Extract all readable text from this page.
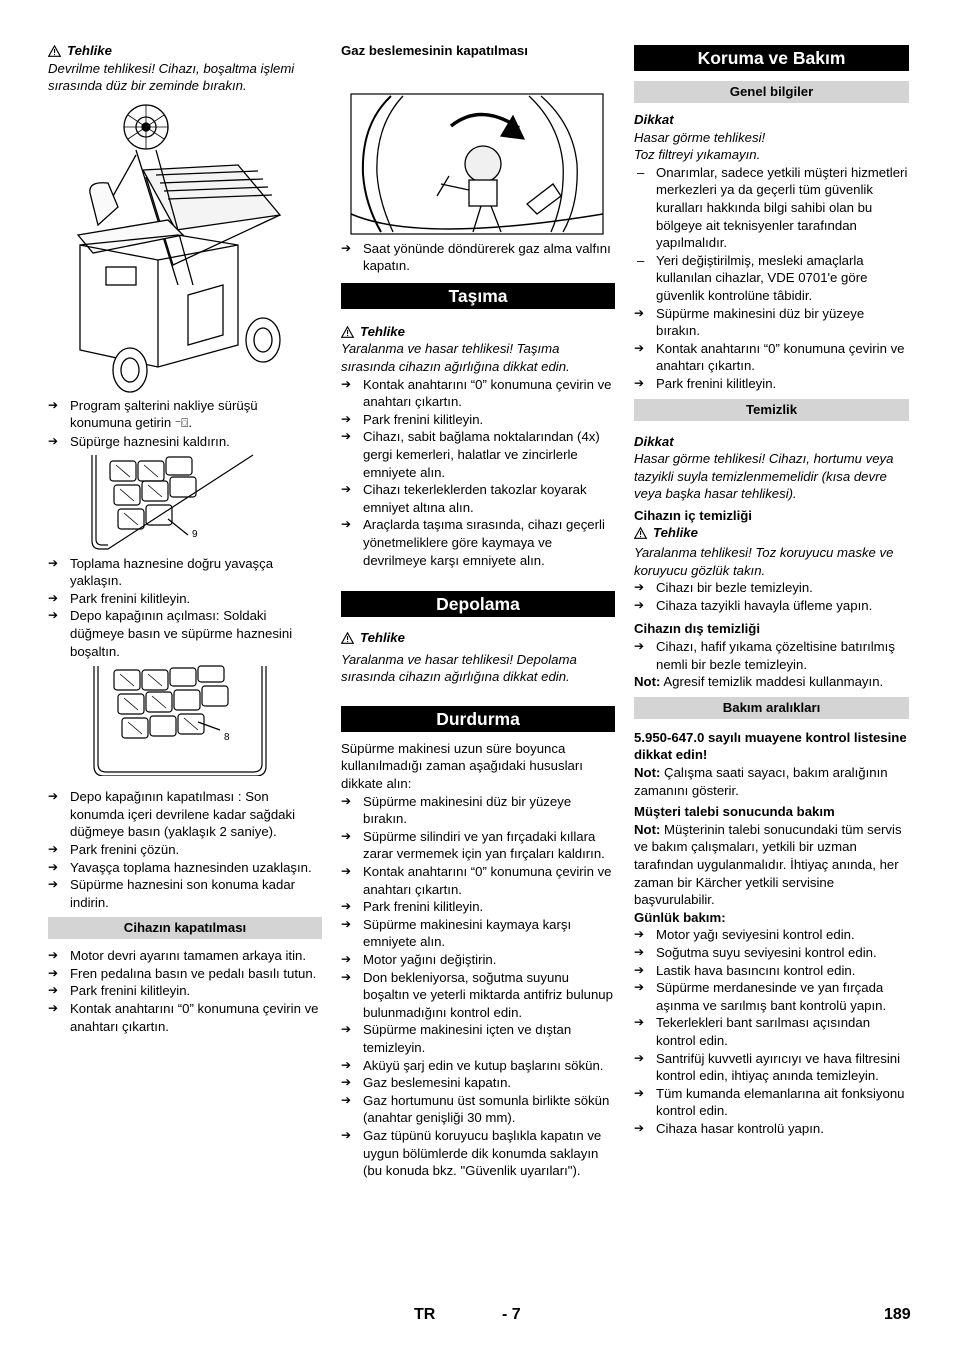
Tehlike

Devrilme tehlikesi! Cihazı, boşaltma işlemi sırasında düz bir zeminde bırakın.

➔ Program şalterini nakliye sürüşü konumuna getirin ⁻⌼.
➔ Süpürge haznesini kaldırın.
9
➔ Toplama haznesine doğru yavaşça yaklaşın.
➔ Park frenini kilitleyin.
➔ Depo kapağının açılması: Soldaki düğmeye basın ve süpürme haznesini boşaltın.
8
➔ Depo kapağının kapatılması : Son konumda içeri devrilene kadar sağdaki düğmeye basın (yaklaşık 2 saniye).
➔ Park frenini çözün.
➔ Yavaşça toplama haznesinden uzaklaşın.
➔ Süpürme haznesini son konuma kadar indirin.
Cihazın kapatılması
➔ Motor devri ayarını tamamen arkaya itin.
➔ Fren pedalına basın ve pedalı basılı tutun.
➔ Park frenini kilitleyin.
➔ Kontak anahtarını “0” konumuna çevirin ve anahtarı çıkartın.

Gaz beslemesinin kapatılması

➔ Saat yönünde döndürerek gaz alma valfını kapatın.
Taşıma

Tehlike

Yaralanma ve hasar tehlikesi! Taşıma sırasında cihazın ağırlığına dikkat edin.

➔ Kontak anahtarını “0” konumuna çevirin ve anahtarı çıkartın.
➔ Park frenini kilitleyin.
➔ Cihazı, sabit bağlama noktalarından (4x) gergi kemerleri, halatlar ve zincirlerle emniyete alın.
➔ Cihazı tekerleklerden takozlar koyarak emniyet altına alın.
➔ Araçlarda taşıma sırasında, cihazı geçerli yönetmeliklere göre kaymaya ve devrilmeye karşı emniyete alın.
Depolama

Tehlike

Yaralanma ve hasar tehlikesi! Depolama sırasında cihazın ağırlığına dikkat edin.

Durdurma

Süpürme makinesi uzun süre boyunca kullanılmadığı zaman aşağıdaki hususları dikkate alın:

➔ Süpürme makinesini düz bir yüzeye bırakın.
➔ Süpürme silindiri ve yan fırçadaki kıllara zarar vermemek için yan fırçaları kaldırın.
➔ Kontak anahtarını “0” konumuna çevirin ve anahtarı çıkartın.
➔ Park frenini kilitleyin.
➔ Süpürme makinesini kaymaya karşı emniyete alın.
➔ Motor yağını değiştirin.
➔ Don bekleniyorsa, soğutma suyunu boşaltın ve yeterli miktarda antifriz bulunup bulunmadığını kontrol edin.
➔ Süpürme makinesini içten ve dıştan temizleyin.
➔ Aküyü şarj edin ve kutup başlarını sökün.
➔ Gaz beslemesini kapatın.
➔ Gaz hortumunu üst somunla birlikte sökün (anahtar genişliği 30 mm).
➔ Gaz tüpünü koruyucu başlıkla kapatın ve uygun bölümlerde dik konumda saklayın (bu konuda bkz. "Güvenlik uyarıları").
Koruma ve Bakım
Genel bilgiler

Dikkat

Hasar görme tehlikesi!
Toz filtreyi yıkamayın.

– Onarımlar, sadece yetkili müşteri hizmetleri merkezleri ya da geçerli tüm güvenlik kuralları hakkında bilgi sahibi olan bu bölgeye ait teknisyenler tarafından yapılmalıdır.
– Yeri değiştirilmiş, mesleki amaçlarla kullanılan cihazlar, VDE 0701'e göre güvenlik kontrolüne tâbidir.
➔ Süpürme makinesini düz bir yüzeye bırakın.
➔ Kontak anahtarını “0” konumuna çevirin ve anahtarı çıkartın.
➔ Park frenini kilitleyin.
Temizlik

Dikkat

Hasar görme tehlikesi! Cihazı, hortumu veya tazyikli suyla temizlenmemelidir (kısa devre veya başka hasar tehlikesi).

Cihazın iç temizliği

Tehlike

Yaralanma tehlikesi! Toz koruyucu maske ve koruyucu gözlük takın.

➔ Cihazı bir bezle temizleyin.
➔ Cihaza tazyikli havayla üfleme yapın.

Cihazın dış temizliği

➔ Cihazı, hafif yıkama çözeltisine batırılmış nemli bir bezle temizleyin.

Not: Agresif temizlik maddesi kullanmayın.

Bakım aralıkları

5.950-647.0 sayılı muayene kontrol listesine dikkat edin!

Not: Çalışma saati sayacı, bakım aralığının zamanını gösterir.

Müşteri talebi sonucunda bakım

Not: Müşterinin talebi sonucundaki tüm servis ve bakım çalışmaları, yetkili bir uzman tarafından uygulanmalıdır. İhtiyaç anında, her zaman bir Kärcher yetkili servisine başvurulabilir.

Günlük bakım:

➔ Motor yağı seviyesini kontrol edin.
➔ Soğutma suyu seviyesini kontrol edin.
➔ Lastik hava basıncını kontrol edin.
➔ Süpürme merdanesinde ve yan fırçada aşınma ve sarılmış bant kontrolü yapın.
➔ Tekerlekleri bant sarılması açısından kontrol edin.
➔ Santrifüj kuvvetli ayırıcıyı ve hava filtresini kontrol edin, ihtiyaç anında temizleyin.
➔ Tüm kumanda elemanlarına ait fonksiyonu kontrol edin.
➔ Cihaza hasar kontrolü yapın.
TR	- 7	189
